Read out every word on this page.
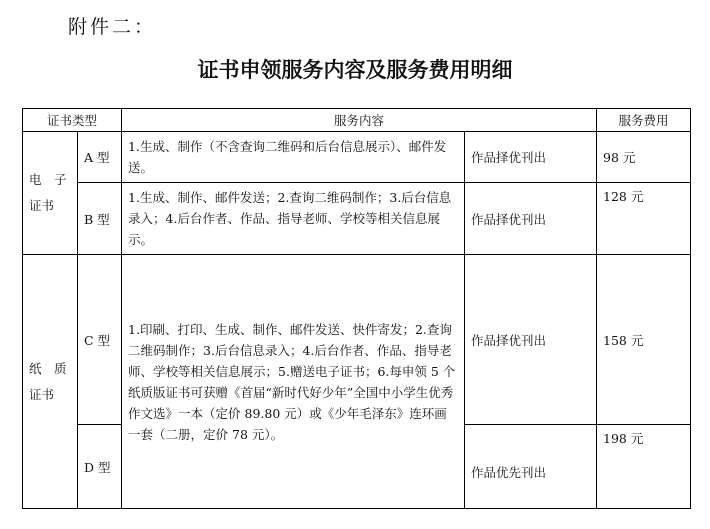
附件二：
证书申领服务内容及服务费用明细
证书类型		服务内容		服务费用

电　子
证书	A 型	1.生成、制作（不含查询二维码和后台信息展示）、邮件发送。	作品择优刊出	98 元
	B 型	1.生成、制作、邮件发送；2.查询二维码制作；3.后台信息录入；4.后台作者、作品、指导老师、学校等相关信息展示。	作品择优刊出	128 元

纸　质
证书	C 型	1.印刷、打印、生成、制作、邮件发送、快件寄发；2.查询二维码制作；3.后台信息录入；4.后台作者、作品、指导老师、学校等相关信息展示；5.赠送电子证书；6.每申领 5 个纸质版证书可获赠《首届“新时代好少年”全国中小学生优秀作文选》一本（定价 89.80 元）或《少年毛泽东》连环画一套（二册，定价 78 元）。	作品择优刊出	158 元
	D 型		作品优先刊出	198 元
